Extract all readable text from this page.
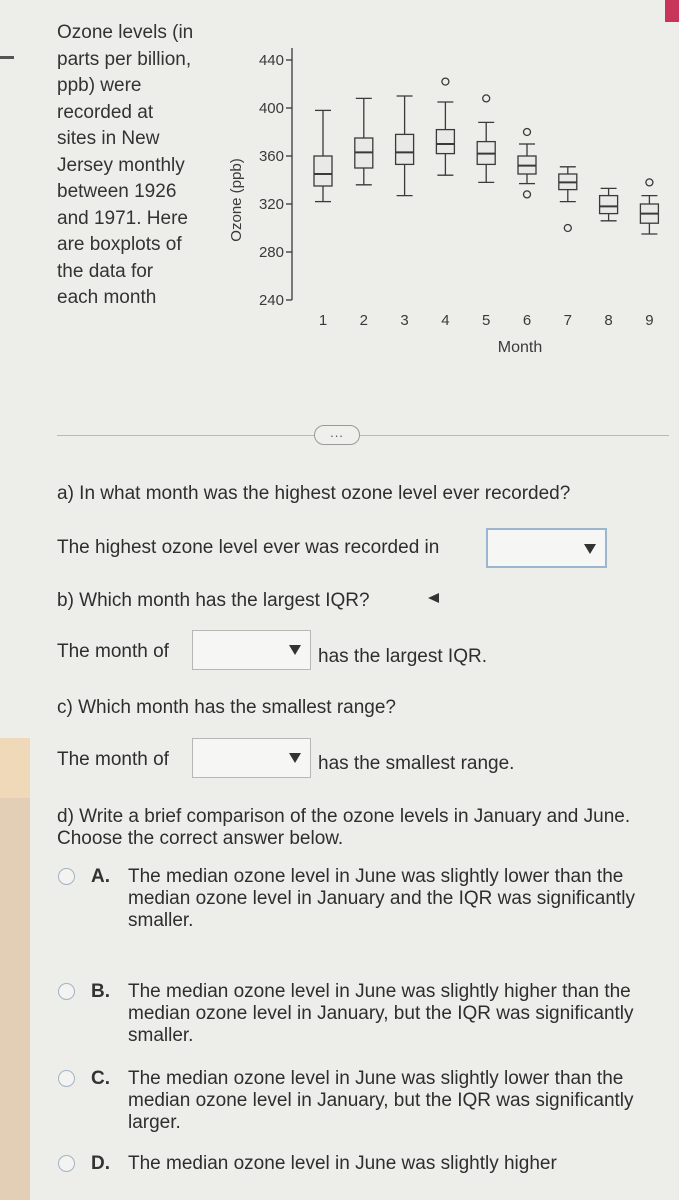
Ozone levels (in parts per billion, ppb) were recorded at sites in New Jersey monthly between 1926 and 1971. Here are boxplots of the data for each month
Ozone (ppb)
Month
440
400
360
320
280
240
1 2 3 4 5 6 7 8 9
...
a) In what month was the highest ozone level ever recorded?
The highest ozone level ever was recorded in
b) Which month has the largest IQR?
The month of	has the largest IQR.
c) Which month has the smallest range?
The month of	has the smallest range.
d) Write a brief comparison of the ozone levels in January and June. Choose the correct answer below.
A. The median ozone level in June was slightly lower than the median ozone level in January and the IQR was significantly smaller.
B. The median ozone level in June was slightly higher than the median ozone level in January, but the IQR was significantly smaller.
C. The median ozone level in June was slightly lower than the median ozone level in January, but the IQR was significantly larger.
D. The median ozone level in June was slightly higher
